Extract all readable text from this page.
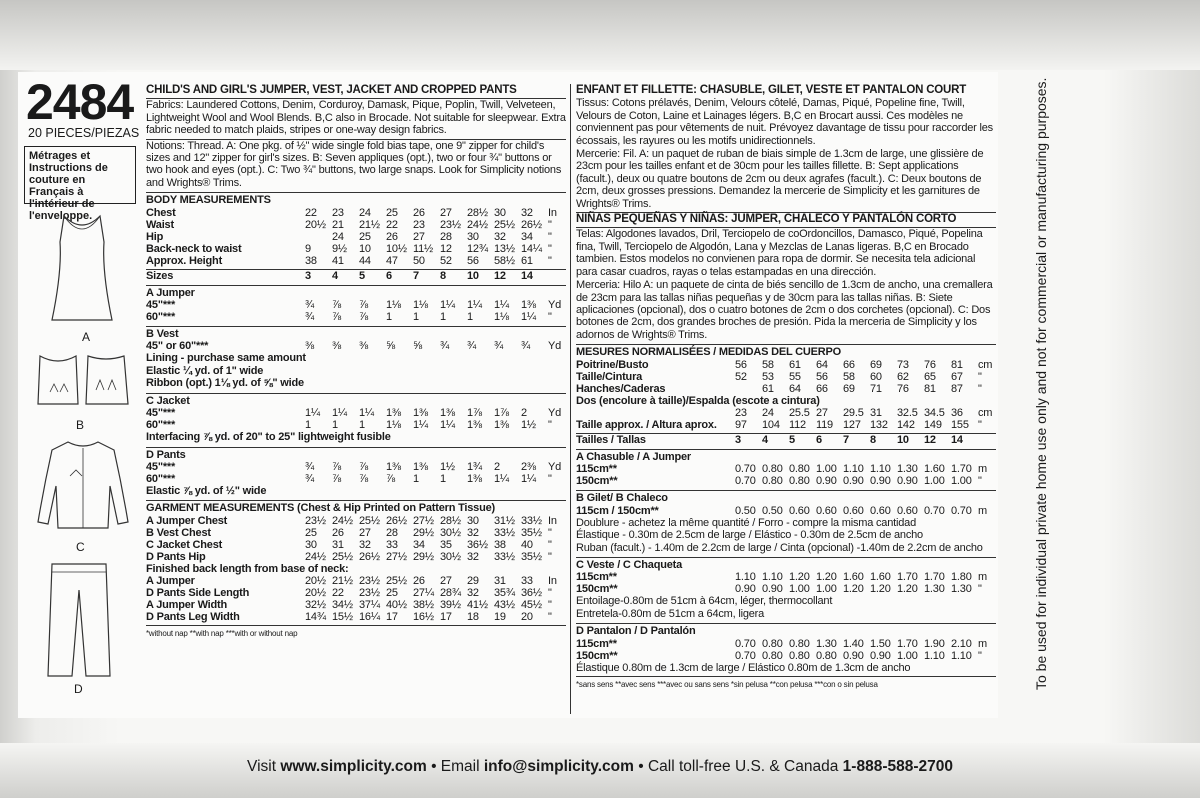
2484
20 PIECES/PIEZAS
Métrages et Instructions de couture en Français à l'intérieur de l'enveloppe.
A
B
C
D
CHILD'S AND GIRL'S JUMPER, VEST, JACKET AND CROPPED PANTS

Fabrics: Laundered Cottons, Denim, Corduroy, Damask, Pique, Poplin, Twill, Velveteen, Lightweight Wool and Wool Blends. B,C also in Brocade. Not suitable for sleepwear. Extra fabric needed to match plaids, stripes or one-way design fabrics.

Notions: Thread. A: One pkg. of ½" wide single fold bias tape, one 9" zipper for child's sizes and 12" zipper for girl's sizes. B: Seven appliques (opt.), two or four ¾" buttons or two hook and eyes (opt.). C: Two ¾" buttons, two large snaps. Look for Simplicity notions and Wrights® Trims.

BODY MEASUREMENTS
Chest	22	23	24	25	26	27	28½	30	32	In
Waist	20½	21	21½	22	23	23½	24½	25½	26½	"
Hip		24	25	26	27	28	30	32	34	"
Back-neck to waist	9	9½	10	10½	11½	12	12¾	13½	14¼	"
Approx. Height	38	41	44	47	50	52	56	58½	61	"
Sizes	3	4	5	6	7	8	10	12	14	
A Jumper
45"***	¾	⅞	⅞	1⅛	1⅛	1¼	1¼	1¼	1⅜	Yd
60"***	¾	⅞	⅞	1	1	1	1	1⅛	1¼	"
B Vest
45" or 60"***	⅜	⅜	⅜	⅝	⅝	¾	¾	¾	¾	Yd
Lining - purchase same amount
Elastic ¼ yd. of 1" wide
Ribbon (opt.) 1⅛ yd. of ⅝" wide
C Jacket
45"***	1¼	1¼	1¼	1⅜	1⅜	1⅜	1⅞	1⅞	2	Yd
60"***	1	1	1	1⅛	1¼	1¼	1⅜	1⅜	1½	"
Interfacing ⅞ yd. of 20" to 25" lightweight fusible
D Pants
45"***	¾	⅞	⅞	1⅜	1⅜	1½	1¾	2	2⅜	Yd
60"***	¾	⅞	⅞	⅞	1	1	1⅜	1¼	1¼	"
Elastic ⅞ yd. of ½" wide
GARMENT MEASUREMENTS (Chest & Hip Printed on Pattern Tissue)
A Jumper Chest	23½	24½	25½	26½	27½	28½	30	31½	33½	In
B Vest Chest	25	26	27	28	29½	30½	32	33½	35½	"
C Jacket Chest	30	31	32	33	34	35	36½	38	40	"
D Pants Hip	24½	25½	26½	27½	29½	30½	32	33½	35½	"
Finished back length from base of neck:
A Jumper	20½	21½	23½	25½	26	27	29	31	33	In
D Pants Side Length	20½	22	23½	25	27¼	28¾	32	35¾	36½	"
A Jumper Width	32½	34½	37¼	40½	38½	39½	41½	43½	45½	"
D Pants Leg Width	14¾	15½	16¼	17	16½	17	18	19	20	"
*without nap **with nap ***with or without nap
ENFANT ET FILLETTE: CHASUBLE, GILET, VESTE ET PANTALON COURT

Tissus: Cotons prélavés, Denim, Velours côtelé, Damas, Piqué, Popeline fine, Twill, Velours de Coton, Laine et Lainages légers. B,C en Brocart aussi. Ces modèles ne conviennent pas pour vêtements de nuit. Prévoyez davantage de tissu pour raccorder les écossais, les rayures ou les motifs unidirectionnels.

Mercerie: Fil. A: un paquet de ruban de biais simple de 1.3cm de large, une glissière de 23cm pour les tailles enfant et de 30cm pour les tailles fillette. B: Sept applications (facult.), deux ou quatre boutons de 2cm ou deux agrafes (facult.). C: Deux boutons de 2cm, deux grosses pressions. Demandez la mercerie de Simplicity et les garnitures de Wrights® Trims.

NIÑAS PEQUEÑAS Y NIÑAS: JUMPER, CHALECO Y PANTALÓN CORTO

Telas: Algodones lavados, Dril, Terciopelo de coOrdoncillos, Damasco, Piqué, Popelina fina, Twill, Terciopelo de Algodón, Lana y Mezclas de Lanas ligeras. B,C en Brocado tambien. Estos modelos no convienen para ropa de dormir. Se necesita tela adicional para casar cuadros, rayas o telas estampadas en una dirección.

Merceria: Hilo A: un paquete de cinta de biés sencillo de 1.3cm de ancho, una cremallera de 23cm para las tallas niñas pequeñas y de 30cm para las tallas niñas. B: Siete aplicaciones (opcional), dos o cuatro botones de 2cm o dos corchetes (opcional). C: Dos botones de 2cm, dos grandes broches de presión. Pida la merceria de Simplicity y los adornos de Wrights® Trims.

MESURES NORMALISÉES / MEDIDAS DEL CUERPO
Poitrine/Busto	56	58	61	64	66	69	73	76	81	cm
Taille/Cintura	52	53	55	56	58	60	62	65	67	"
Hanches/Caderas		61	64	66	69	71	76	81	87	"
Dos (encolure à taille)/Espalda (escote a cintura)
	23	24	25.5	27	29.5	31	32.5	34.5	36	cm
Taille approx. / Altura aprox.	97	104	112	119	127	132	142	149	155	"
Tailles / Tallas	3	4	5	6	7	8	10	12	14	
A Chasuble / A Jumper
115cm**	0.70	0.80	0.80	1.00	1.10	1.10	1.30	1.60	1.70	m
150cm**	0.70	0.80	0.80	0.90	0.90	0.90	0.90	1.00	1.00	"
B Gilet/ B Chaleco
115cm / 150cm**	0.50	0.50	0.60	0.60	0.60	0.60	0.60	0.70	0.70	m
Doublure - achetez la même quantité / Forro - compre la misma cantidad
Élastique - 0.30m de 2.5cm de large / Elástico - 0.30m de 2.5cm de ancho
Ruban (facult.) - 1.40m de 2.2cm de large / Cinta (opcional) -1.40m de 2.2cm de ancho
C Veste / C Chaqueta
115cm**	1.10	1.10	1.20	1.20	1.60	1.60	1.70	1.70	1.80	m
150cm**	0.90	0.90	1.00	1.00	1.20	1.20	1.20	1.30	1.30	"
Entoilage-0.80m de 51cm à 64cm, léger, thermocollant
Entretela-0.80m de 51cm a 64cm, ligera
D Pantalon / D Pantalón
115cm**	0.70	0.80	0.80	1.30	1.40	1.50	1.70	1.90	2.10	m
150cm**	0.70	0.80	0.80	0.80	0.90	0.90	1.00	1.10	1.10	"
Élastique 0.80m de 1.3cm de large / Elástico 0.80m de 1.3cm de ancho
*sans sens **avec sens ***avec ou sans sens *sin pelusa **con pelusa ***con o sin pelusa	To be used for individual private home use only and not for commercial or manufacturing purposes.
Visit www.simplicity.com • Email info@simplicity.com • Call toll-free U.S. & Canada 1-888-588-2700
